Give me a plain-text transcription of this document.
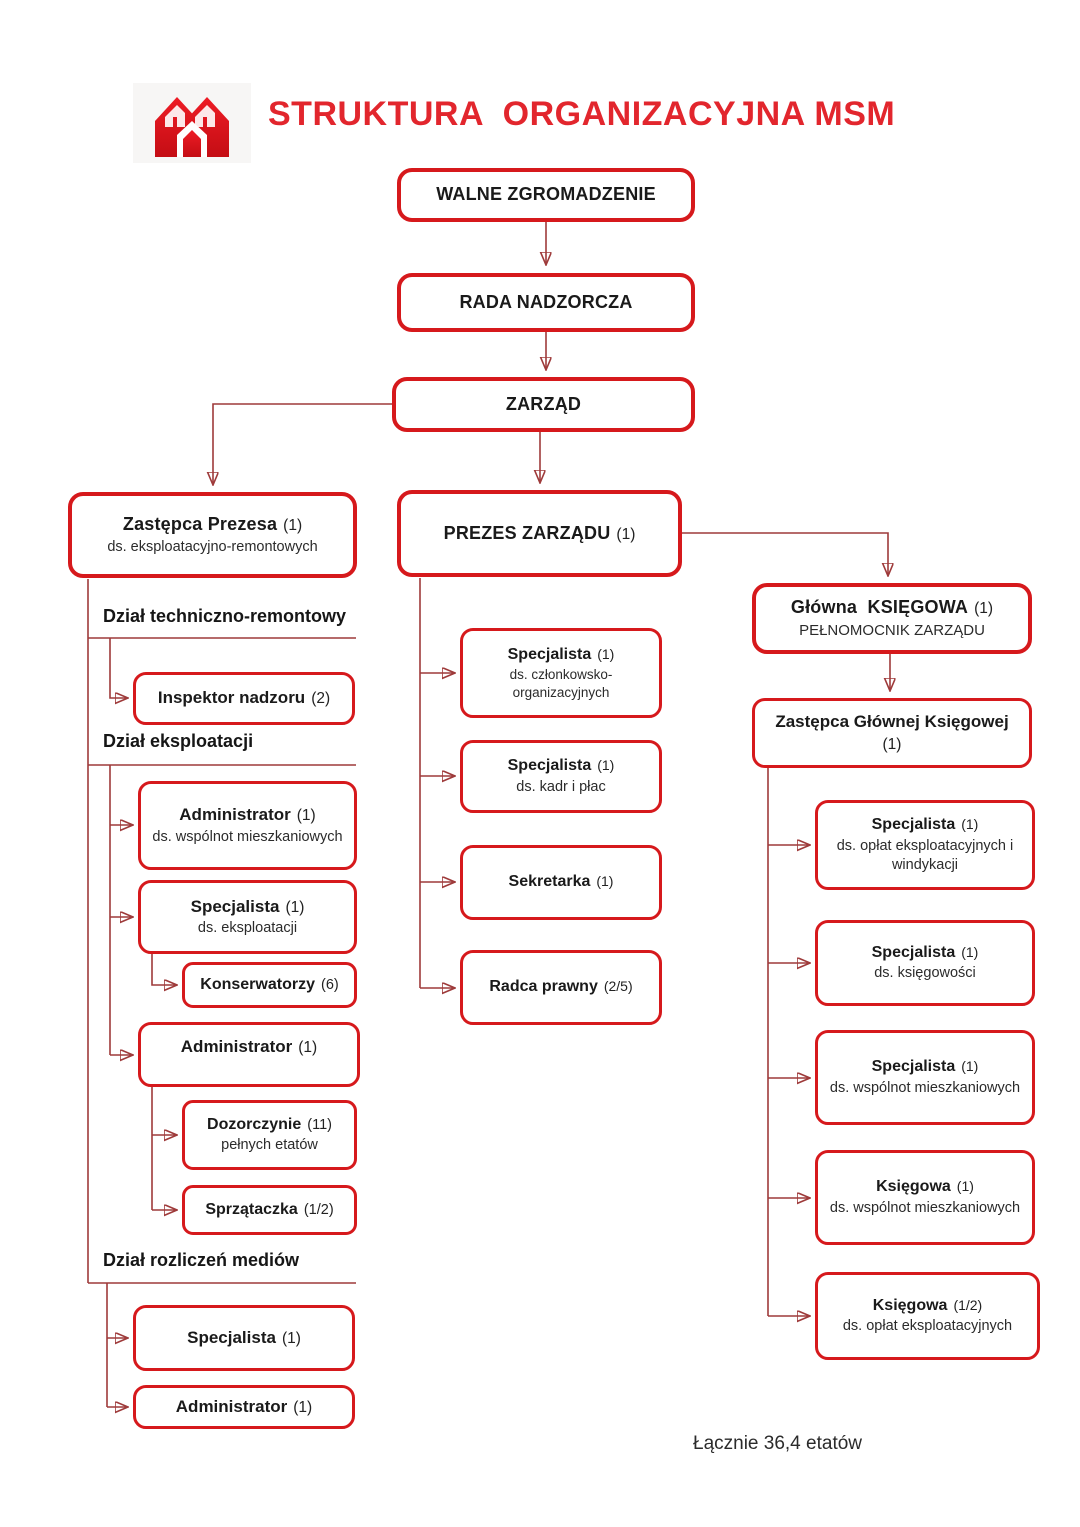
STRUKTURA  ORGANIZACYJNA MSM
WALNE ZGROMADZENIE
RADA NADZORCZA
ZARZĄD
Zastępca Prezesa (1)
ds. eksploatacyjno-remontowych
PREZES ZARZĄDU (1)
Główna  KSIĘGOWA (1)
PEŁNOMOCNIK ZARZĄDU
Zastępca Głównej Księgowej
(1)
Dział techniczno-remontowy
Dział eksploatacji
Dział rozliczeń mediów
Inspektor nadzoru (2)
Administrator (1)
ds. wspólnot mieszkaniowych
Specjalista (1)
ds. eksploatacji
Konserwatorzy (6)
Administrator (1)
Dozorczynie (11)
pełnych etatów
Sprzątaczka (1/2)
Specjalista (1)
Administrator (1)
Specjalista (1)
ds. członkowsko-organizacyjnych
Specjalista (1)
ds. kadr i płac
Sekretarka (1)
Radca prawny (2/5)
Specjalista (1)
ds. opłat eksploatacyjnych i windykacji
Specjalista (1)
ds. księgowości
Specjalista (1)
ds. wspólnot mieszkaniowych
Księgowa (1)
ds. wspólnot mieszkaniowych
Księgowa (1/2)
ds. opłat eksploatacyjnych
Łącznie 36,4 etatów
